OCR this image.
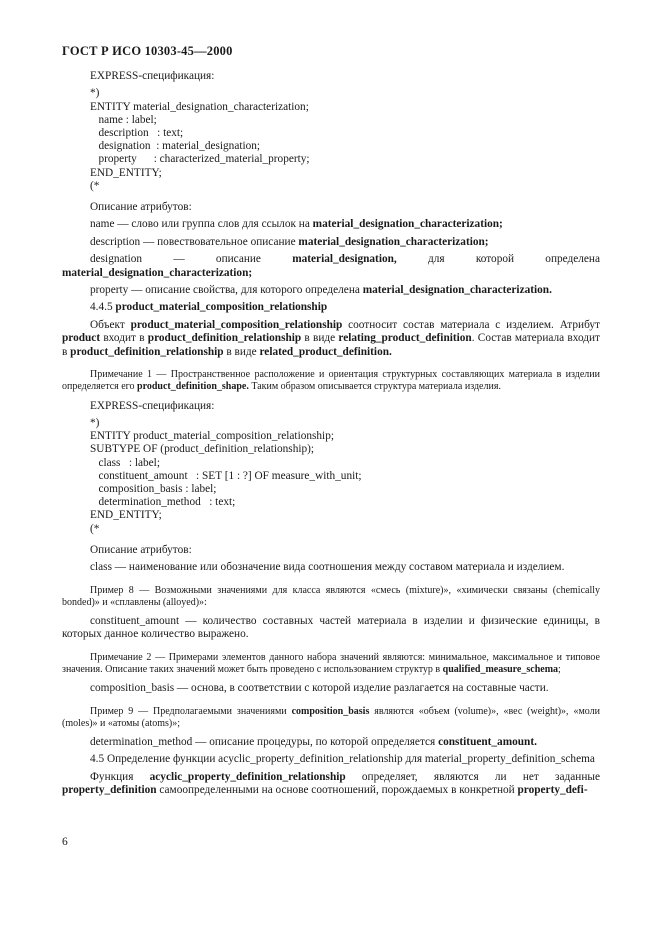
ГОСТ Р ИСО 10303-45—2000

EXPRESS-спецификация:

*)
ENTITY material_designation_characterization;
name : label;
description   : text;
designation  : material_designation;
property      : characterized_material_property;
END_ENTITY;
(*

Описание атрибутов:

name — слово или группа слов для ссылок на material_designation_characterization;

description — повествовательное описание material_designation_characterization;

designation — описание material_designation, для которой определена material_designation_characterization;

property — описание свойства, для которого определена material_designation_characterization.

4.4.5 product_material_composition_relationship

Объект product_material_composition_relationship соотносит состав материала с изделием. Атрибут product входит в product_definition_relationship в виде relating_product_definition. Состав материала входит в product_definition_relationship в виде related_product_definition.

Примечание 1 — Пространственное расположение и ориентация структурных составляющих материала в изделии определяется его product_definition_shape. Таким образом описывается структура материала изделия.

EXPRESS-спецификация:

*)
ENTITY product_material_composition_relationship;
SUBTYPE OF (product_definition_relationship);
class   : label;
constituent_amount   : SET [1 : ?] OF measure_with_unit;
composition_basis : label;
determination_method   : text;
END_ENTITY;
(*

Описание атрибутов:

class — наименование или обозначение вида соотношения между составом материала и изделием.

Пример 8 — Возможными значениями для класса являются «смесь (mixture)», «химически связаны (chemically bonded)» и «сплавлены (alloyed)»:

constituent_amount — количество составных частей материала в изделии и физические единицы, в которых данное количество выражено.

Примечание 2 — Примерами элементов данного набора значений являются: минимальное, максимальное и типовое значения. Описание таких значений может быть проведено с использованием структур в qualified_measure_schema;

composition_basis — основа, в соответствии с которой изделие разлагается на составные части.

Пример 9 — Предполагаемыми значениями composition_basis являются «объем (volume)», «вес (weight)», «моли (moles)» и «атомы (atoms)»;

determination_method — описание процедуры, по которой определяется constituent_amount.

4.5 Определение функции acyclic_property_definition_relationship для material_property_definition_schema

Функция acyclic_property_definition_relationship определяет, являются ли нет заданные property_definition самоопределенными на основе соотношений, порождаемых в конкретной property_defi-

6
